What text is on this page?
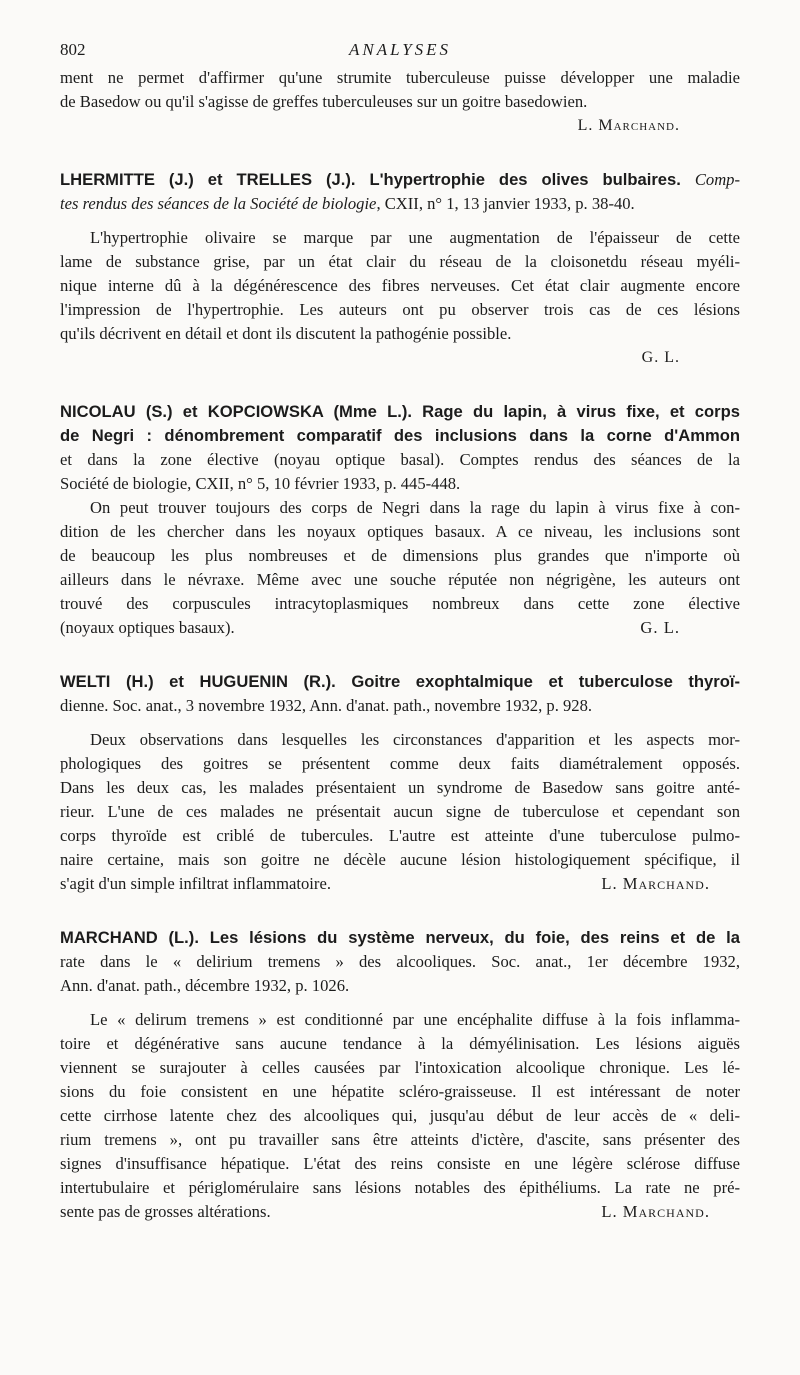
802	ANALYSES
ment ne permet d'affirmer qu'une strumite tuberculeuse puisse développer une maladie
de Basedow ou qu'il s'agisse de greffes tuberculeuses sur un goitre basedowien.
L. Marchand.
LHERMITTE (J.) et TRELLES (J.). L'hypertrophie des olives bulbaires. Comp-
tes rendus des séances de la Société de biologie, CXII, n° 1, 13 janvier 1933, p. 38-40.
L'hypertrophie olivaire se marque par une augmentation de l'épaisseur de cette
lame de substance grise, par un état clair du réseau de la cloisonetdu réseau myéli-
nique interne dû à la dégénérescence des fibres nerveuses. Cet état clair augmente encore
l'impression de l'hypertrophie. Les auteurs ont pu observer trois cas de ces lésions
qu'ils décrivent en détail et dont ils discutent la pathogénie possible.
G. L.
NICOLAU (S.) et KOPCIOWSKA (Mme L.). Rage du lapin, à virus fixe, et corps
de Negri : dénombrement comparatif des inclusions dans la corne d'Ammon
et dans la zone élective (noyau optique basal). Comptes rendus des séances de la
Société de biologie, CXII, n° 5, 10 février 1933, p. 445-448.
On peut trouver toujours des corps de Negri dans la rage du lapin à virus fixe à con-
dition de les chercher dans les noyaux optiques basaux. A ce niveau, les inclusions sont
de beaucoup les plus nombreuses et de dimensions plus grandes que n'importe où
ailleurs dans le névraxe. Même avec une souche réputée non négrigène, les auteurs ont
trouvé des corpuscules intracytoplasmiques nombreux dans cette zone élective
(noyaux optiques basaux).	G. L.
WELTI (H.) et HUGUENIN (R.). Goitre exophtalmique et tuberculose thyroï-
dienne. Soc. anat., 3 novembre 1932, Ann. d'anat. path., novembre 1932, p. 928.
Deux observations dans lesquelles les circonstances d'apparition et les aspects mor-
phologiques des goitres se présentent comme deux faits diamétralement opposés.
Dans les deux cas, les malades présentaient un syndrome de Basedow sans goitre anté-
rieur. L'une de ces malades ne présentait aucun signe de tuberculose et cependant son
corps thyroïde est criblé de tubercules. L'autre est atteinte d'une tuberculose pulmo-
naire certaine, mais son goitre ne décèle aucune lésion histologiquement spécifique, il
s'agit d'un simple infiltrat inflammatoire.	L. Marchand.
MARCHAND (L.). Les lésions du système nerveux, du foie, des reins et de la
rate dans le « delirium tremens » des alcooliques. Soc. anat., 1er décembre 1932,
Ann. d'anat. path., décembre 1932, p. 1026.
Le « delirum tremens » est conditionné par une encéphalite diffuse à la fois inflamma-
toire et dégénérative sans aucune tendance à la démyélinisation. Les lésions aiguës
viennent se surajouter à celles causées par l'intoxication alcoolique chronique. Les lé-
sions du foie consistent en une hépatite scléro-graisseuse. Il est intéressant de noter
cette cirrhose latente chez des alcooliques qui, jusqu'au début de leur accès de « deli-
rium tremens », ont pu travailler sans être atteints d'ictère, d'ascite, sans présenter des
signes d'insuffisance hépatique. L'état des reins consiste en une légère sclérose diffuse
intertubulaire et périglomérulaire sans lésions notables des épithéliums. La rate ne pré-
sente pas de grosses altérations.	L. Marchand.
